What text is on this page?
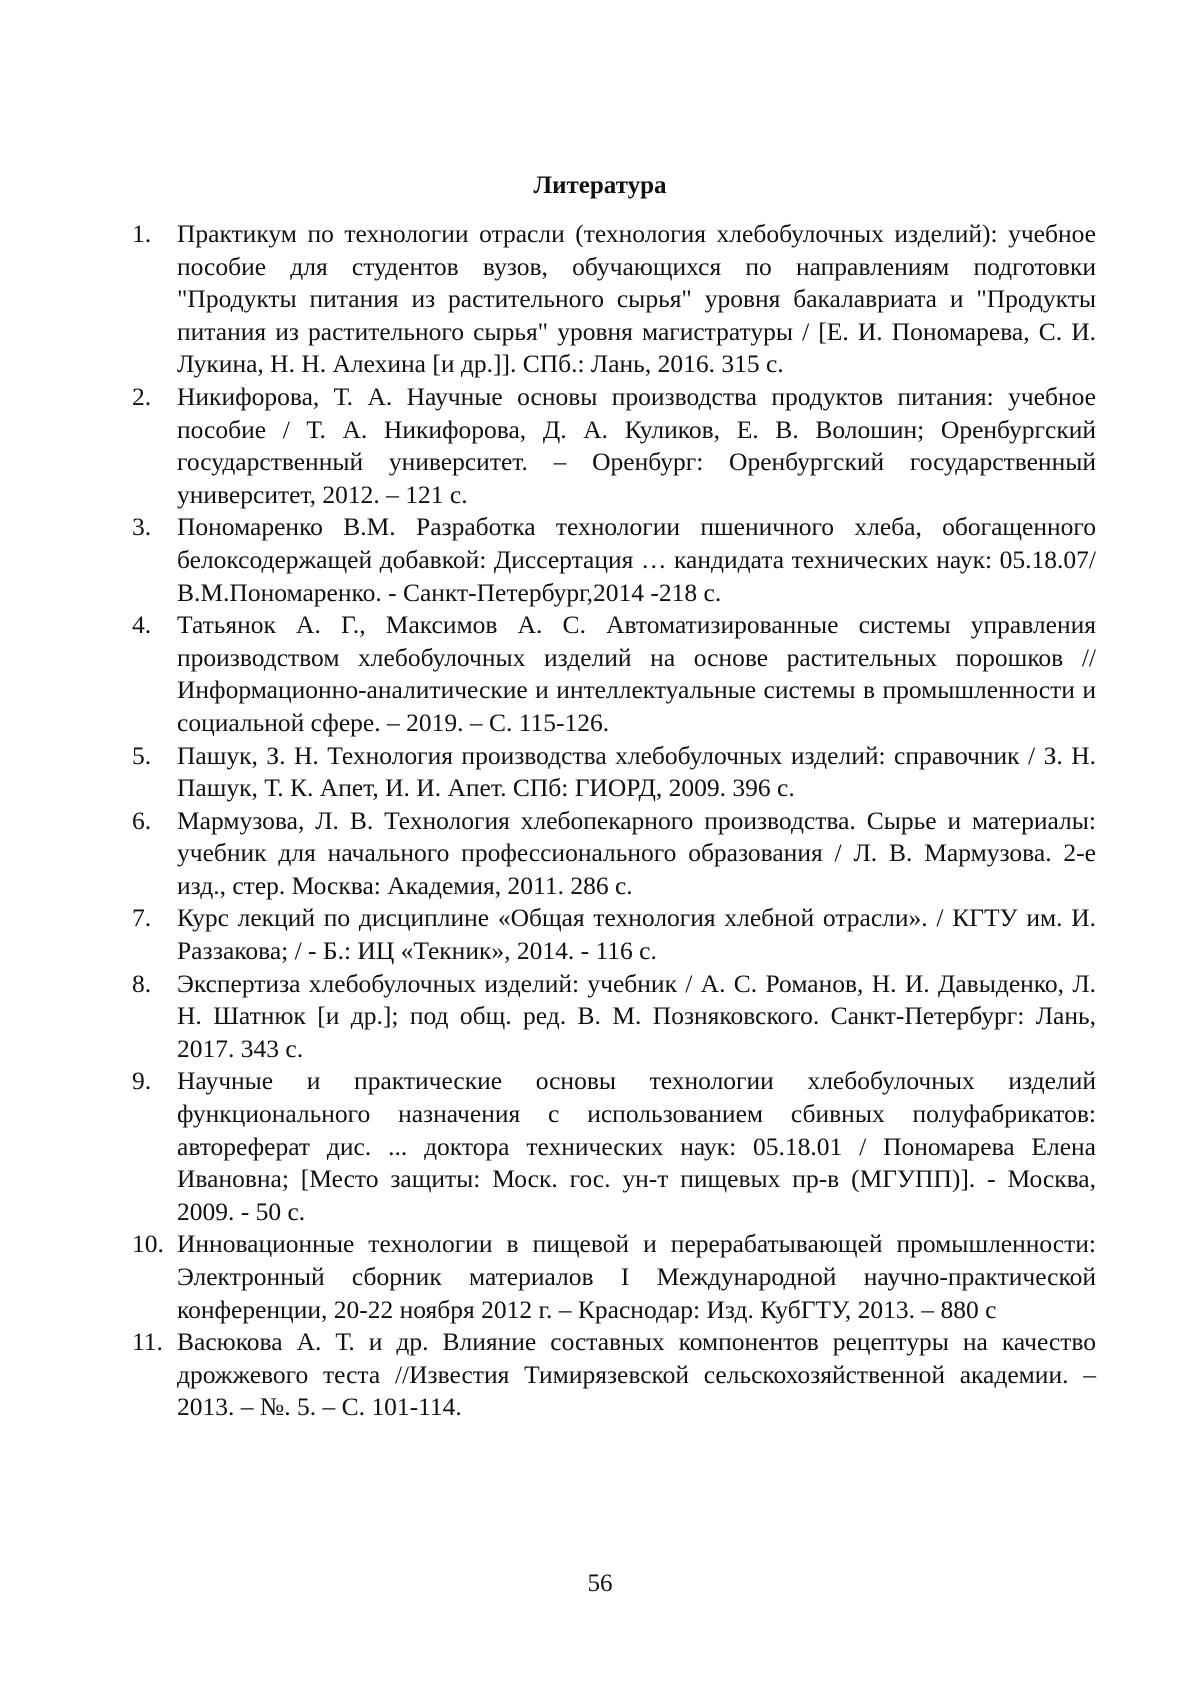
Литература
1. Практикум по технологии отрасли (технология хлебобулочных изделий): учебное пособие для студентов вузов, обучающихся по направлениям подготовки "Продукты питания из растительного сырья" уровня бакалавриата и "Продукты питания из растительного сырья" уровня магистратуры / [Е. И. Пономарева, С. И. Лукина, Н. Н. Алехина [и др.]]. СПб.: Лань, 2016. 315 с.
2. Никифорова, Т. А. Научные основы производства продуктов питания: учебное пособие / Т. А. Никифорова, Д. А. Куликов, Е. В. Волошин; Оренбургский государственный университет. – Оренбург: Оренбургский государственный университет, 2012. – 121 с.
3. Пономаренко В.М. Разработка технологии пшеничного хлеба, обогащенного белоксодержащей добавкой: Диссертация … кандидата технических наук: 05.18.07/ В.М.Пономаренко. - Санкт-Петербург,2014 -218 с.
4. Татьянок А. Г., Максимов А. С. Автоматизированные системы управления производством хлебобулочных изделий на основе растительных порошков //Информационно-аналитические и интеллектуальные системы в промышленности и социальной сфере. – 2019. – С. 115-126.
5. Пашук, З. Н. Технология производства хлебобулочных изделий: справочник / З. Н. Пашук, Т. К. Апет, И. И. Апет. СПб: ГИОРД, 2009. 396 с.
6. Мармузова, Л. В. Технология хлебопекарного производства. Сырье и материалы: учебник для начального профессионального образования / Л. В. Мармузова. 2-е изд., стер. Москва: Академия, 2011. 286 с.
7. Курс лекций по дисциплине «Общая технология хлебной отрасли». / КГТУ им. И. Раззакова; / - Б.: ИЦ «Текник», 2014. - 116 с.
8. Экспертиза хлебобулочных изделий: учебник / А. С. Романов, Н. И. Давыденко, Л. Н. Шатнюк [и др.]; под общ. ред. В. М. Позняковского. Санкт-Петербург: Лань, 2017. 343 с.
9. Научные и практические основы технологии хлебобулочных изделий функционального назначения с использованием сбивных полуфабрикатов: автореферат дис. ... доктора технических наук: 05.18.01 / Пономарева Елена Ивановна; [Место защиты: Моск. гос. ун-т пищевых пр-в (МГУПП)]. - Москва, 2009. - 50 с.
10. Инновационные технологии в пищевой и перерабатывающей промышленности: Электронный сборник материалов I Международной научно-практической конференции, 20-22 ноября 2012 г. – Краснодар: Изд. КубГТУ, 2013. – 880 с
11. Васюкова А. Т. и др. Влияние составных компонентов рецептуры на качество дрожжевого теста //Известия Тимирязевской сельскохозяйственной академии. – 2013. – №. 5. – С. 101-114.
56
